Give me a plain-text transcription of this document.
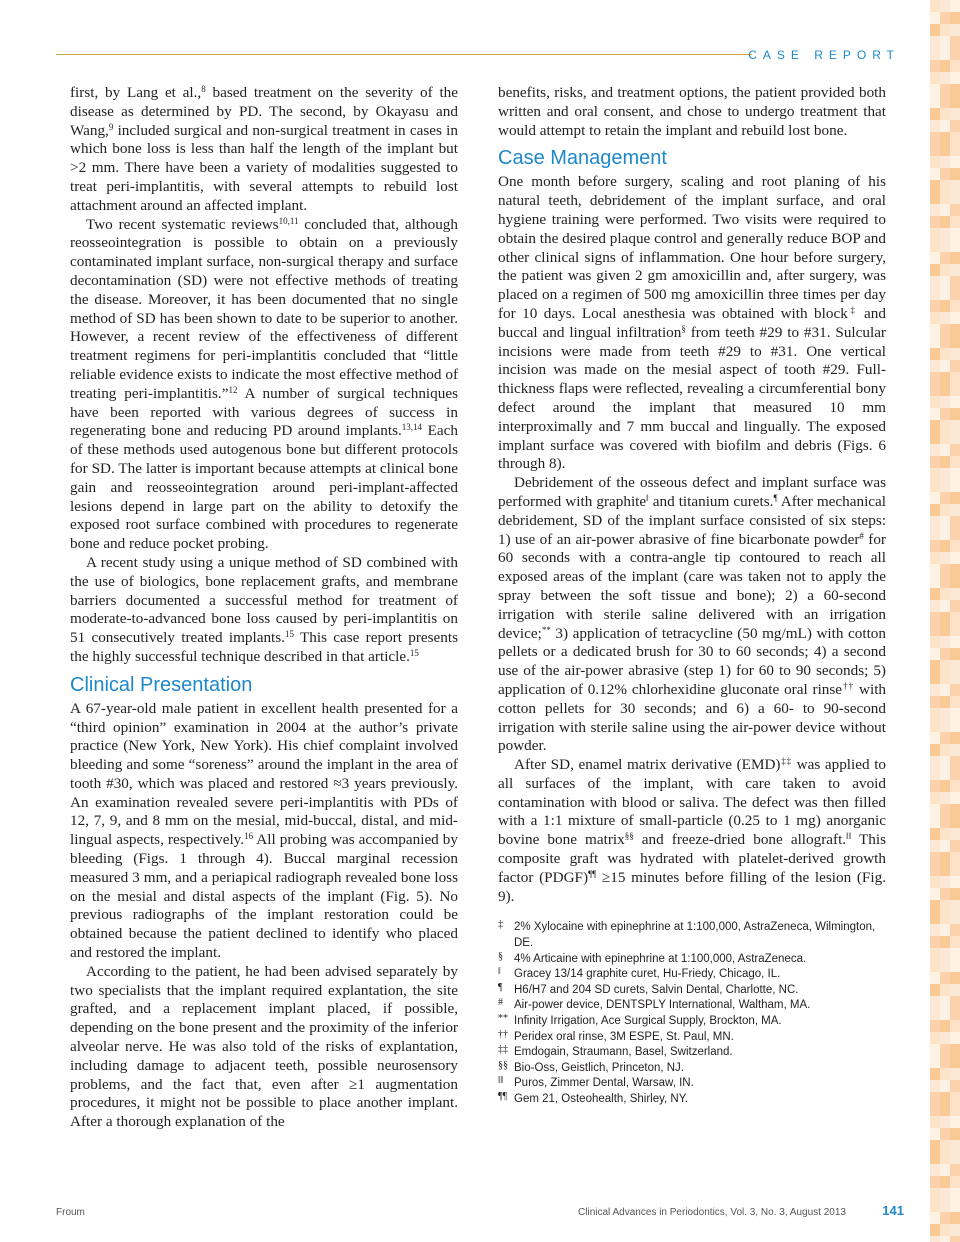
CASE REPORT

first, by Lang et al.,$^8$ based treatment on the severity of the disease as determined by PD. The second, by Okayasu and Wang,$^9$ included surgical and non-surgical treatment in cases in which bone loss is less than half the length of the implant but >2 mm. There have been a variety of modalities suggested to treat peri-implantitis, with several attempts to rebuild lost attachment around an affected implant.

Two recent systematic reviews$^{10,11}$ concluded that, although reosseointegration is possible to obtain on a previously contaminated implant surface, non-surgical therapy and surface decontamination (SD) were not effective methods of treating the disease. Moreover, it has been documented that no single method of SD has been shown to date to be superior to another. However, a recent review of the effectiveness of different treatment regimens for peri-implantitis concluded that “little reliable evidence exists to indicate the most effective method of treating peri-implantitis.”$^{12}$ A number of surgical techniques have been reported with various degrees of success in regenerating bone and reducing PD around implants.$^{13,14}$ Each of these methods used autogenous bone but different protocols for SD. The latter is important because attempts at clinical bone gain and reosseointegration around peri-implant-affected lesions depend in large part on the ability to detoxify the exposed root surface combined with procedures to regenerate bone and reduce pocket probing.

A recent study using a unique method of SD combined with the use of biologics, bone replacement grafts, and membrane barriers documented a successful method for treatment of moderate-to-advanced bone loss caused by peri-implantitis on 51 consecutively treated implants.$^{15}$ This case report presents the highly successful technique described in that article.$^{15}$

Clinical Presentation

A 67-year-old male patient in excellent health presented for a “third opinion” examination in 2004 at the author’s private practice (New York, New York). His chief complaint involved bleeding and some “soreness” around the implant in the area of tooth #30, which was placed and restored ≈3 years previously. An examination revealed severe peri-implantitis with PDs of 12, 7, 9, and 8 mm on the mesial, mid-buccal, distal, and mid-lingual aspects, respectively.$^{16}$ All probing was accompanied by bleeding (Figs. 1 through 4). Buccal marginal recession measured 3 mm, and a periapical radiograph revealed bone loss on the mesial and distal aspects of the implant (Fig. 5). No previous radiographs of the implant restoration could be obtained because the patient declined to identify who placed and restored the implant.

According to the patient, he had been advised separately by two specialists that the implant required explantation, the site grafted, and a replacement implant placed, if possible, depending on the bone present and the proximity of the inferior alveolar nerve. He was also told of the risks of explantation, including damage to adjacent teeth, possible neurosensory problems, and the fact that, even after ≥1 augmentation procedures, it might not be possible to place another implant. After a thorough explanation of the

benefits, risks, and treatment options, the patient provided both written and oral consent, and chose to undergo treatment that would attempt to retain the implant and rebuild lost bone.

Case Management

One month before surgery, scaling and root planing of his natural teeth, debridement of the implant surface, and oral hygiene training were performed. Two visits were required to obtain the desired plaque control and generally reduce BOP and other clinical signs of inflammation. One hour before surgery, the patient was given 2 gm amoxicillin and, after surgery, was placed on a regimen of 500 mg amoxicillin three times per day for 10 days. Local anesthesia was obtained with block‡ and buccal and lingual infiltration§ from teeth #29 to #31. Sulcular incisions were made from teeth #29 to #31. One vertical incision was made on the mesial aspect of tooth #29. Full-thickness flaps were reflected, revealing a circumferential bony defect around the implant that measured 10 mm interproximally and 7 mm buccal and lingually. The exposed implant surface was covered with biofilm and debris (Figs. 6 through 8).

Debridement of the osseous defect and implant surface was performed with graphite‖ and titanium curets.¶ After mechanical debridement, SD of the implant surface consisted of six steps: 1) use of an air-power abrasive of fine bicarbonate powder# for 60 seconds with a contra-angle tip contoured to reach all exposed areas of the implant (care was taken not to apply the spray between the soft tissue and bone); 2) a 60-second irrigation with sterile saline delivered with an irrigation device;** 3) application of tetracycline (50 mg/mL) with cotton pellets or a dedicated brush for 30 to 60 seconds; 4) a second use of the air-power abrasive (step 1) for 60 to 90 seconds; 5) application of 0.12% chlorhexidine gluconate oral rinse†† with cotton pellets for 30 seconds; and 6) a 60- to 90-second irrigation with sterile saline using the air-power device without powder.

After SD, enamel matrix derivative (EMD)‡‡ was applied to all surfaces of the implant, with care taken to avoid contamination with blood or saliva. The defect was then filled with a 1:1 mixture of small-particle (0.25 to 1 mg) anorganic bovine bone matrix§§ and freeze-dried bone allograft.‖‖ This composite graft was hydrated with platelet-derived growth factor (PDGF)¶¶ ≥15 minutes before filling of the lesion (Fig. 9).

‡ 2% Xylocaine with epinephrine at 1:100,000, AstraZeneca, Wilmington, DE.
§ 4% Articaine with epinephrine at 1:100,000, AstraZeneca.
‖ Gracey 13/14 graphite curet, Hu-Friedy, Chicago, IL.
¶ H6/H7 and 204 SD curets, Salvin Dental, Charlotte, NC.
# Air-power device, DENTSPLY International, Waltham, MA.
** Infinity Irrigation, Ace Surgical Supply, Brockton, MA.
†† Peridex oral rinse, 3M ESPE, St. Paul, MN.
‡‡ Emdogain, Straumann, Basel, Switzerland.
§§ Bio-Oss, Geistlich, Princeton, NJ.
‖‖ Puros, Zimmer Dental, Warsaw, IN.
¶¶ Gem 21, Osteohealth, Shirley, NY.
Froum	Clinical Advances in Periodontics, Vol. 3, No. 3, August 2013	141
